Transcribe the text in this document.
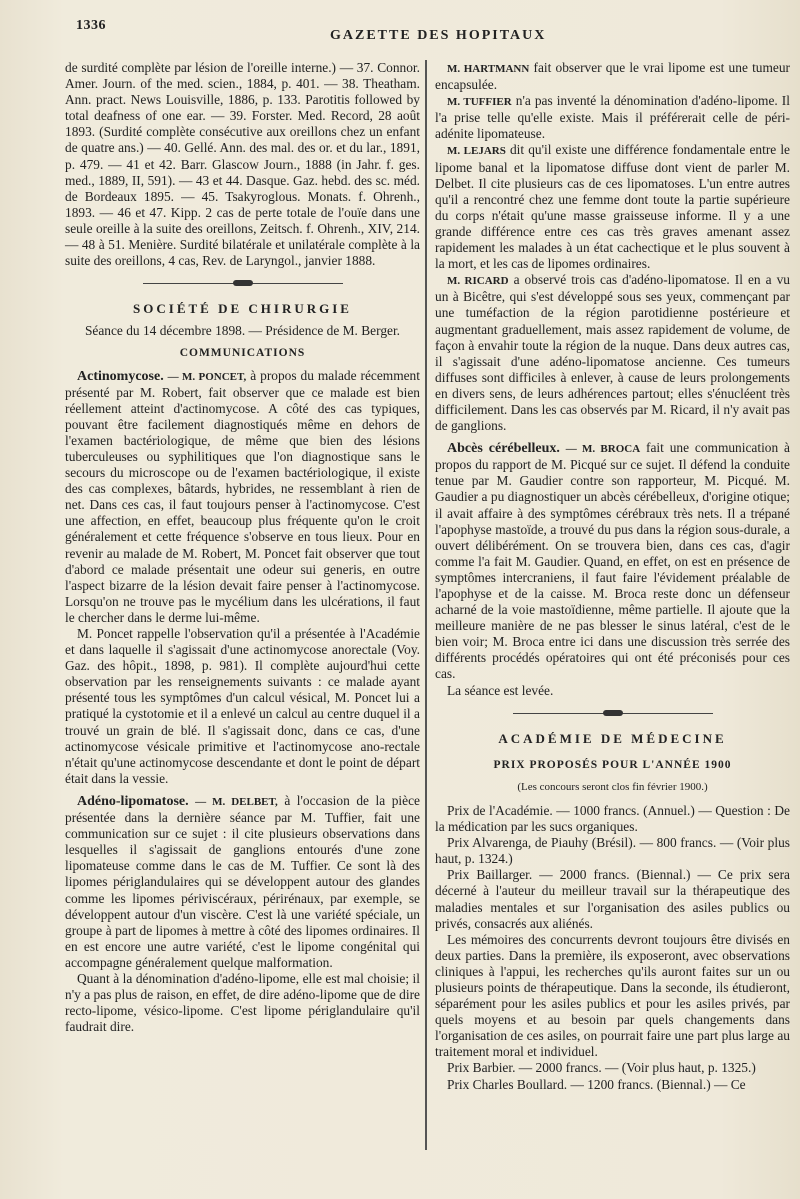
1336
GAZETTE DES HOPITAUX

de surdité complète par lésion de l'oreille interne.) — 37. Connor. Amer. Journ. of the med. scien., 1884, p. 401. — 38. Theatham. Ann. pract. News Louisville, 1886, p. 133. Parotitis followed by total deafness of one ear. — 39. Forster. Med. Record, 28 août 1893. (Surdité complète consécutive aux oreillons chez un enfant de quatre ans.) — 40. Gellé. Ann. des mal. des or. et du lar., 1891, p. 479. — 41 et 42. Barr. Glascow Journ., 1888 (in Jahr. f. ges. med., 1889, II, 591). — 43 et 44. Dasque. Gaz. hebd. des sc. méd. de Bordeaux 1895. — 45. Tsakyroglous. Monats. f. Ohrenh., 1893. — 46 et 47. Kipp. 2 cas de perte totale de l'ouïe dans une seule oreille à la suite des oreillons, Zeitsch. f. Ohrenh., XIV, 214. — 48 à 51. Menière. Surdité bilatérale et unilatérale complète à la suite des oreillons, 4 cas, Rev. de Laryngol., janvier 1888.

SOCIÉTÉ DE CHIRURGIE

Séance du 14 décembre 1898. — Présidence de M. Berger.

COMMUNICATIONS

Actinomycose. — M. PONCET, à propos du malade récemment présenté par M. Robert, fait observer que ce malade est bien réellement atteint d'actinomycose. A côté des cas typiques, pouvant être facilement diagnostiqués même en dehors de l'examen bactériologique, de même que bien des lésions tuberculeuses ou syphilitiques que l'on diagnostique sans le secours du microscope ou de l'examen bactériologique, il existe des cas complexes, bâtards, hybrides, ne ressemblant à rien de net. Dans ces cas, il faut toujours penser à l'actinomycose. C'est une affection, en effet, beaucoup plus fréquente qu'on le croit généralement et cette fréquence s'observe en tous lieux. Pour en revenir au malade de M. Robert, M. Poncet fait observer que tout d'abord ce malade présentait une odeur sui generis, en outre l'aspect bizarre de la lésion devait faire penser à l'actinomycose. Lorsqu'on ne trouve pas le mycélium dans les ulcérations, il faut le chercher dans le derme lui-même.

M. Poncet rappelle l'observation qu'il a présentée à l'Académie et dans laquelle il s'agissait d'une actinomycose anorectale (Voy. Gaz. des hôpit., 1898, p. 981). Il complète aujourd'hui cette observation par les renseignements suivants : ce malade ayant présenté tous les symptômes d'un calcul vésical, M. Poncet lui a pratiqué la cystotomie et il a enlevé un calcul au centre duquel il a trouvé un grain de blé. Il s'agissait donc, dans ce cas, d'une actinomycose vésicale primitive et l'actinomycose ano-rectale n'était qu'une actinomycose descendante et dont le point de départ était dans la vessie.

Adéno-lipomatose. — M. DELBET, à l'occasion de la pièce présentée dans la dernière séance par M. Tuffier, fait une communication sur ce sujet : il cite plusieurs observations dans lesquelles il s'agissait de ganglions entourés d'une zone lipomateuse comme dans le cas de M. Tuffier. Ce sont là des lipomes périglandulaires qui se développent autour des glandes comme les lipomes périviscéraux, périrénaux, par exemple, se développent autour d'un viscère. C'est là une variété spéciale, un groupe à part de lipomes à mettre à côté des lipomes ordinaires. Il en est encore une autre variété, c'est le lipome congénital qui accompagne généralement quelque malformation.

Quant à la dénomination d'adéno-lipome, elle est mal choisie; il n'y a pas plus de raison, en effet, de dire adéno-lipome que de dire recto-lipome, vésico-lipome. C'est lipome périglandulaire qu'il faudrait dire.

M. HARTMANN fait observer que le vrai lipome est une tumeur encapsulée.

M. TUFFIER n'a pas inventé la dénomination d'adéno-lipome. Il l'a prise telle qu'elle existe. Mais il préférerait celle de péri-adénite lipomateuse.

M. LEJARS dit qu'il existe une différence fondamentale entre le lipome banal et la lipomatose diffuse dont vient de parler M. Delbet. Il cite plusieurs cas de ces lipomatoses. L'un entre autres qu'il a rencontré chez une femme dont toute la partie supérieure du corps n'était qu'une masse graisseuse informe. Il y a une grande différence entre ces cas très graves amenant assez rapidement les malades à un état cachectique et le plus souvent à la mort, et les cas de lipomes ordinaires.

M. RICARD a observé trois cas d'adéno-lipomatose. Il en a vu un à Bicêtre, qui s'est développé sous ses yeux, commençant par une tuméfaction de la région parotidienne postérieure et augmentant graduellement, mais assez rapidement de volume, de façon à envahir toute la région de la nuque. Dans deux autres cas, il s'agissait d'une adéno-lipomatose ancienne. Ces tumeurs diffuses sont difficiles à enlever, à cause de leurs prolongements en divers sens, de leurs adhérences partout; elles s'énucléent très difficilement. Dans les cas observés par M. Ricard, il n'y avait pas de ganglions.

Abcès cérébelleux. — M. BROCA fait une communication à propos du rapport de M. Picqué sur ce sujet. Il défend la conduite tenue par M. Gaudier contre son rapporteur, M. Picqué. M. Gaudier a pu diagnostiquer un abcès cérébelleux, d'origine otique; il avait affaire à des symptômes cérébraux très nets. Il a trépané l'apophyse mastoïde, a trouvé du pus dans la région sous-durale, a ouvert délibérément. On se trouvera bien, dans ces cas, d'agir comme l'a fait M. Gaudier. Quand, en effet, on est en présence de symptômes intercraniens, il faut faire l'évidement préalable de l'apophyse et de la caisse. M. Broca reste donc un défenseur acharné de la voie mastoïdienne, même partielle. Il ajoute que la meilleure manière de ne pas blesser le sinus latéral, c'est de le bien voir; M. Broca entre ici dans une discussion très serrée des différents procédés opératoires qui ont été préconisés pour ces cas.

La séance est levée.

ACADÉMIE DE MÉDECINE
PRIX PROPOSÉS POUR L'ANNÉE 1900
(Les concours seront clos fin février 1900.)

Prix de l'Académie. — 1000 francs. (Annuel.) — Question : De la médication par les sucs organiques.

Prix Alvarenga, de Piauhy (Brésil). — 800 francs. — (Voir plus haut, p. 1324.)

Prix Baillarger. — 2000 francs. (Biennal.) — Ce prix sera décerné à l'auteur du meilleur travail sur la thérapeutique des maladies mentales et sur l'organisation des asiles publics ou privés, consacrés aux aliénés.

Les mémoires des concurrents devront toujours être divisés en deux parties. Dans la première, ils exposeront, avec observations cliniques à l'appui, les recherches qu'ils auront faites sur un ou plusieurs points de thérapeutique. Dans la seconde, ils étudieront, séparément pour les asiles publics et pour les asiles privés, par quels moyens et au besoin par quels changements dans l'organisation de ces asiles, on pourrait faire une part plus large au traitement moral et individuel.

Prix Barbier. — 2000 francs. — (Voir plus haut, p. 1325.)

Prix Charles Boullard. — 1200 francs. (Biennal.) — Ce
